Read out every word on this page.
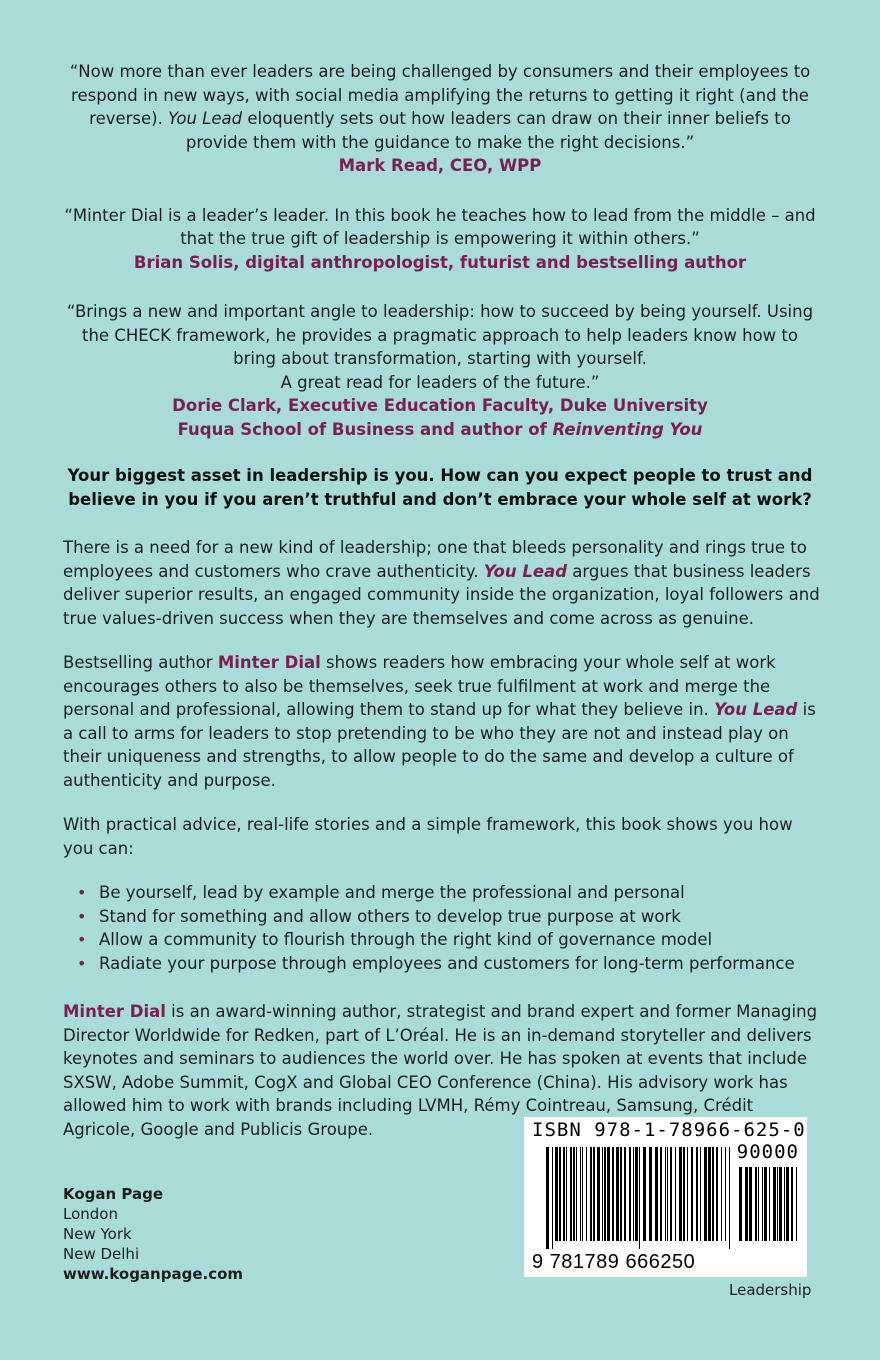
“Now more than ever leaders are being challenged by consumers and their employees to respond in new ways, with social media amplifying the returns to getting it right (and the reverse). You Lead eloquently sets out how leaders can draw on their inner beliefs to provide them with the guidance to make the right decisions.”

Mark Read, CEO, WPP

“Minter Dial is a leader’s leader. In this book he teaches how to lead from the middle – and that the true gift of leadership is empowering it within others.”

Brian Solis, digital anthropologist, futurist and bestselling author

“Brings a new and important angle to leadership: how to succeed by being yourself. Using the CHECK framework, he provides a pragmatic approach to help leaders know how to bring about transformation, starting with yourself.

A great read for leaders of the future.”

Dorie Clark, Executive Education Faculty, Duke University

Fuqua School of Business and author of Reinventing You

Your biggest asset in leadership is you. How can you expect people to trust and believe in you if you aren’t truthful and don’t embrace your whole self at work?

There is a need for a new kind of leadership; one that bleeds personality and rings true to employees and customers who crave authenticity. You Lead argues that business leaders deliver superior results, an engaged community inside the organization, loyal followers and true values-driven success when they are themselves and come across as genuine.

Bestselling author Minter Dial shows readers how embracing your whole self at work encourages others to also be themselves, seek true fulfilment at work and merge the personal and professional, allowing them to stand up for what they believe in. You Lead is a call to arms for leaders to stop pretending to be who they are not and instead play on their uniqueness and strengths, to allow people to do the same and develop a culture of authenticity and purpose.

With practical advice, real-life stories and a simple framework, this book shows you how you can:

• Be yourself, lead by example and merge the professional and personal
• Stand for something and allow others to develop true purpose at work
• Allow a community to flourish through the right kind of governance model
• Radiate your purpose through employees and customers for long-term performance

Minter Dial is an award-winning author, strategist and brand expert and former Managing Director Worldwide for Redken, part of L’Oréal. He is an in-demand storyteller and delivers keynotes and seminars to audiences the world over. He has spoken at events that include SXSW, Adobe Summit, CogX and Global CEO Conference (China). His advisory work has allowed him to work with brands including LVMH, Rémy Cointreau, Samsung, Crédit Agricole, Google and Publicis Groupe.

Kogan Page
London
New York
New Delhi
www.koganpage.com
ISBN 978-1-78966-625-0
90000
9 781789 666250
Leadership
